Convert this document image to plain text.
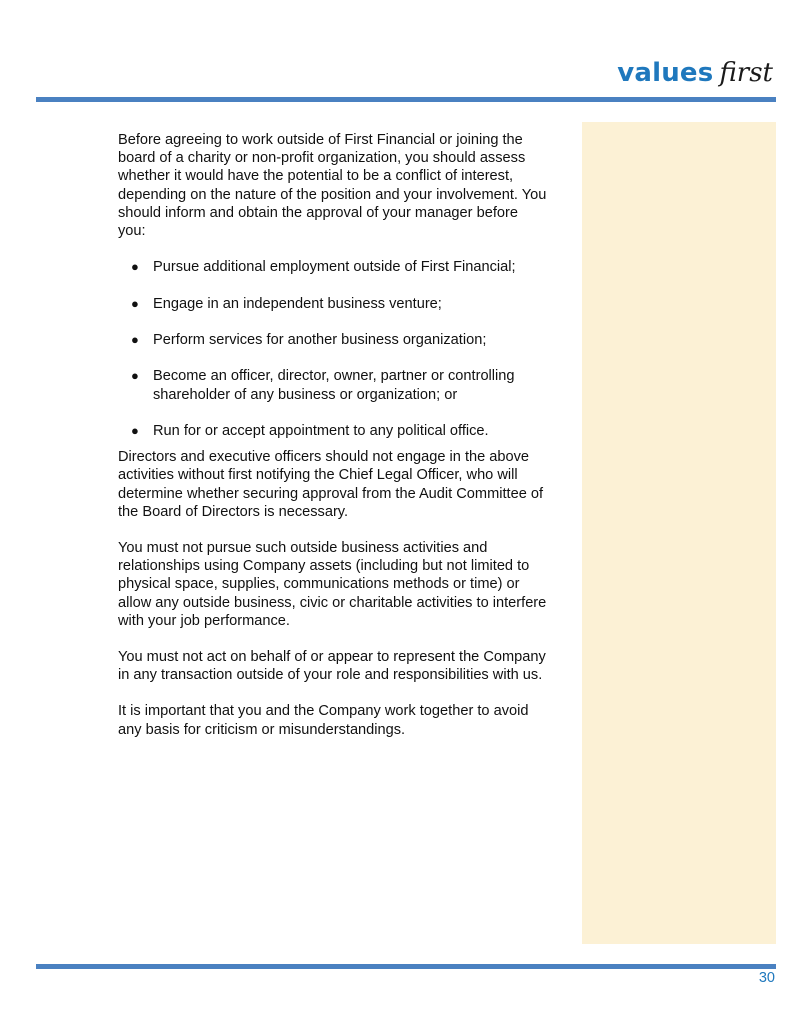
values first

Before agreeing to work outside of First Financial or joining the board of a charity or non-profit organization, you should assess whether it would have the potential to be a conflict of interest, depending on the nature of the position and your involvement. You should inform and obtain the approval of your manager before you:

● Pursue additional employment outside of First Financial;
● Engage in an independent business venture;
● Perform services for another business organization;
● Become an officer, director, owner, partner or controlling shareholder of any business or organization; or
● Run for or accept appointment to any political office.

Directors and executive officers should not engage in the above activities without first notifying the Chief Legal Officer, who will determine whether securing approval from the Audit Committee of the Board of Directors is necessary.

You must not pursue such outside business activities and relationships using Company assets (including but not limited to physical space, supplies, communications methods or time) or allow any outside business, civic or charitable activities to interfere with your job performance.

You must not act on behalf of or appear to represent the Company in any transaction outside of your role and responsibilities with us.

It is important that you and the Company work together to avoid any basis for criticism or misunderstandings.

30
